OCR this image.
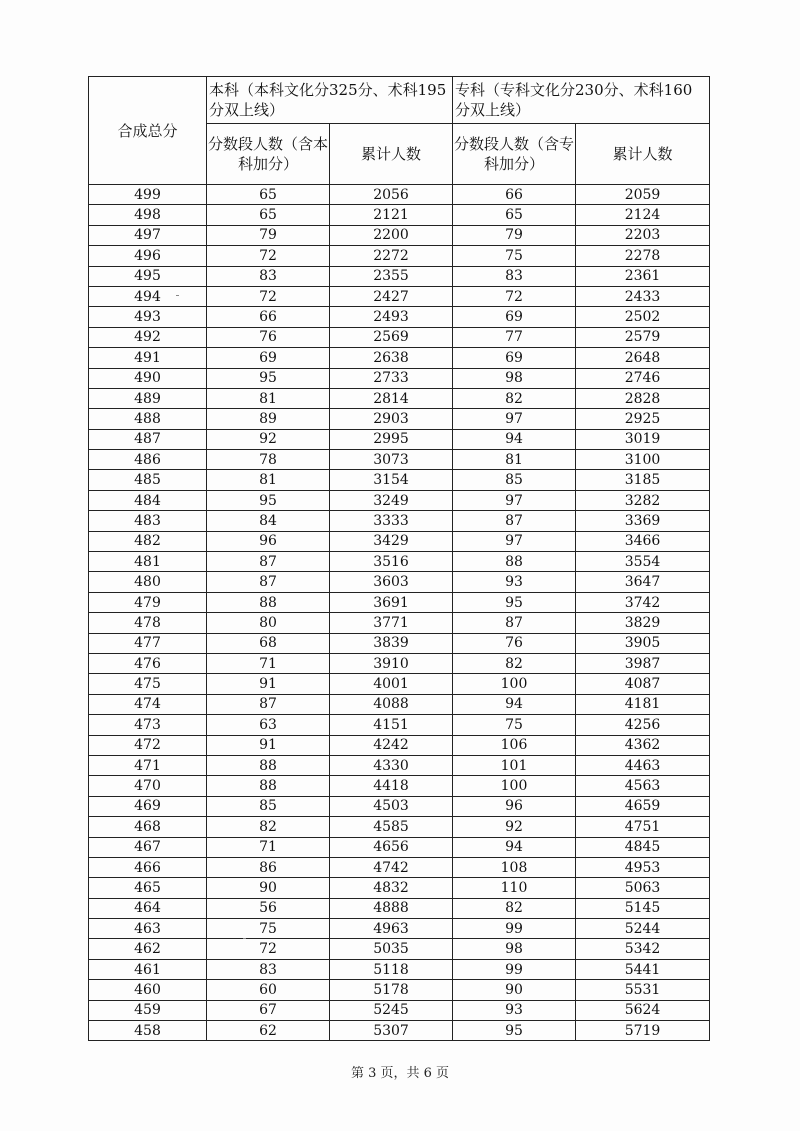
合成总分	本科（本科文化分325分、术科195分双上线）		专科（专科文化分230分、术科160分双上线）	
	分数段人数（含本科加分）	累计人数	分数段人数（含专科加分）	累计人数
499	65	2056	66	2059
498	65	2121	65	2124
497	79	2200	79	2203
496	72	2272	75	2278
495	83	2355	83	2361
494	72	2427	72	2433
493	66	2493	69	2502
492	76	2569	77	2579
491	69	2638	69	2648
490	95	2733	98	2746
489	81	2814	82	2828
488	89	2903	97	2925
487	92	2995	94	3019
486	78	3073	81	3100
485	81	3154	85	3185
484	95	3249	97	3282
483	84	3333	87	3369
482	96	3429	97	3466
481	87	3516	88	3554
480	87	3603	93	3647
479	88	3691	95	3742
478	80	3771	87	3829
477	68	3839	76	3905
476	71	3910	82	3987
475	91	4001	100	4087
474	87	4088	94	4181
473	63	4151	75	4256
472	91	4242	106	4362
471	88	4330	101	4463
470	88	4418	100	4563
469	85	4503	96	4659
468	82	4585	92	4751
467	71	4656	94	4845
466	86	4742	108	4953
465	90	4832	110	5063
464	56	4888	82	5145
463	75	4963	99	5244
462	72	5035	98	5342
461	83	5118	99	5441
460	60	5178	90	5531
459	67	5245	93	5624
458	62	5307	95	5719
第 3 页，共 6 页
